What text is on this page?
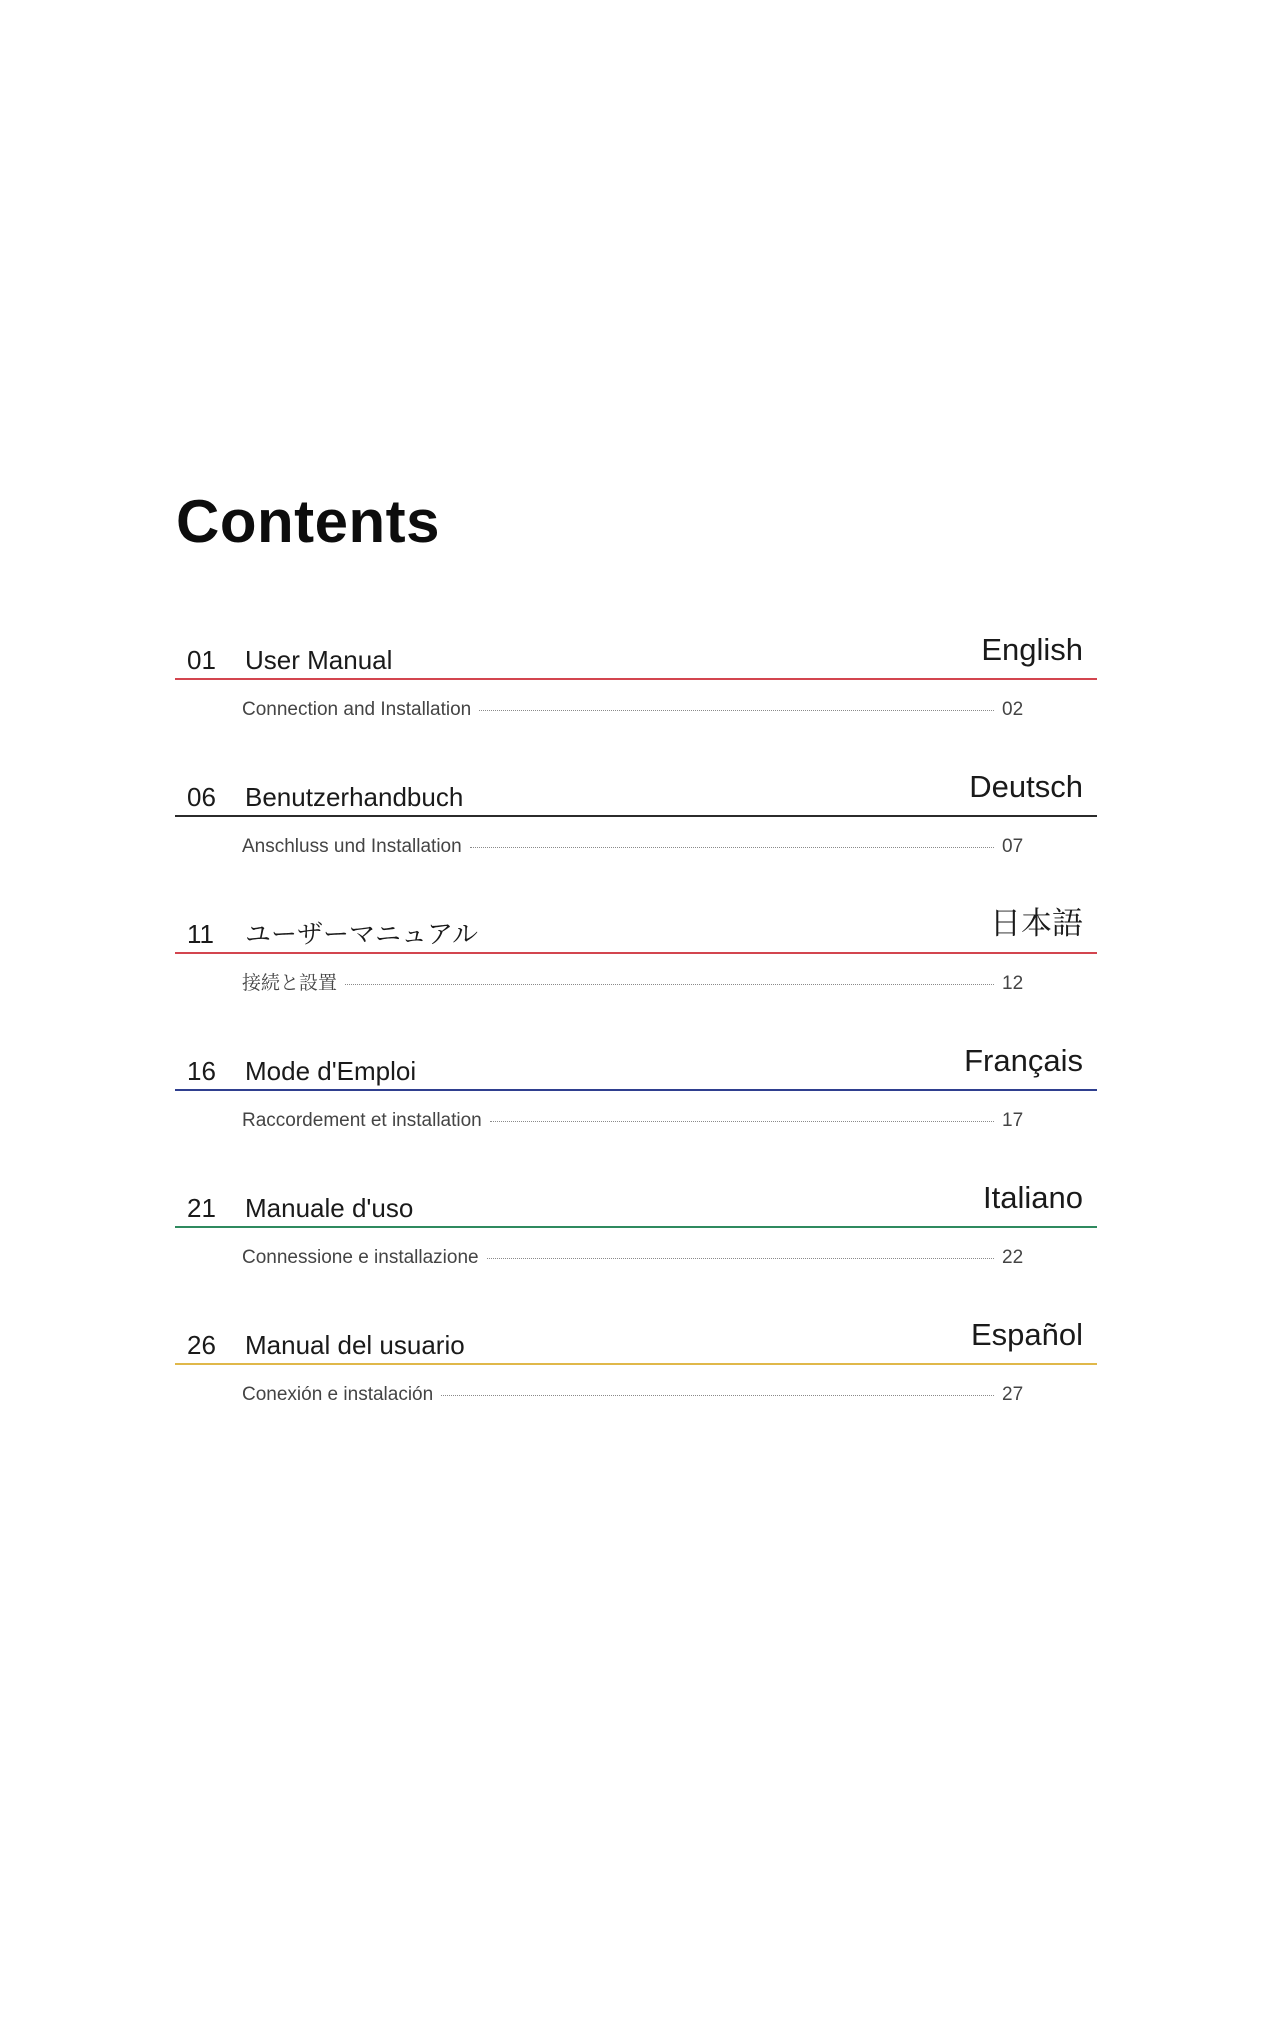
Contents
01 User Manual	English
Connection and Installation	02
06 Benutzerhandbuch	Deutsch
Anschluss und Installation	07
11 ユーザーマニュアル	日本語
接続と設置	12
16 Mode d'Emploi	Français
Raccordement et installation	17
21 Manuale d'uso	Italiano
Connessione e installazione	22
26 Manual del usuario	Español
Conexión e instalación	27
